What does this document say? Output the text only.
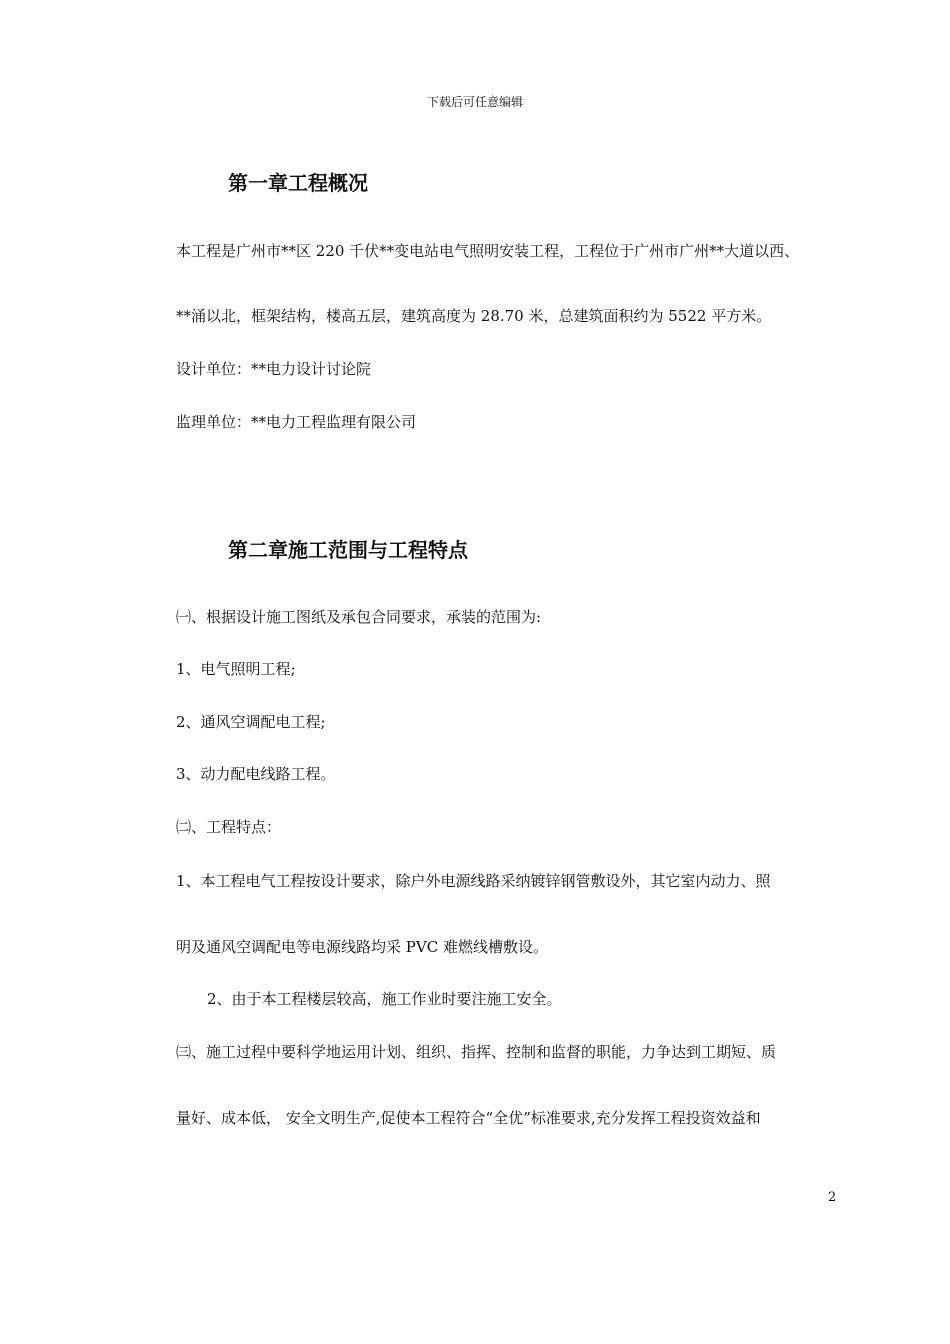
下载后可任意编辑
第一章工程概况
本工程是广州市**区 220 千伏**变电站电气照明安装工程，工程位于广州市广州**大道以西、
**涌以北，框架结构，楼高五层，建筑高度为 28.70 米，总建筑面积约为 5522 平方米。
设计单位：**电力设计讨论院
监理单位：**电力工程监理有限公司
第二章施工范围与工程特点
㈠、根据设计施工图纸及承包合同要求，承装的范围为:
1、电气照明工程;
2、通风空调配电工程;
3、动力配电线路工程。
㈡、工程特点：
1、本工程电气工程按设计要求，除户外电源线路采纳镀锌钢管敷设外，其它室内动力、照
明及通风空调配电等电源线路均采 PVC 难燃线槽敷设。
2、由于本工程楼层较高，施工作业时要注施工安全。
㈢、施工过程中要科学地运用计划、组织、指挥、控制和监督的职能，力争达到工期短、质
量好、成本低， 安全文明生产,促使本工程符合“全优”标准要求,充分发挥工程投资效益和
2
